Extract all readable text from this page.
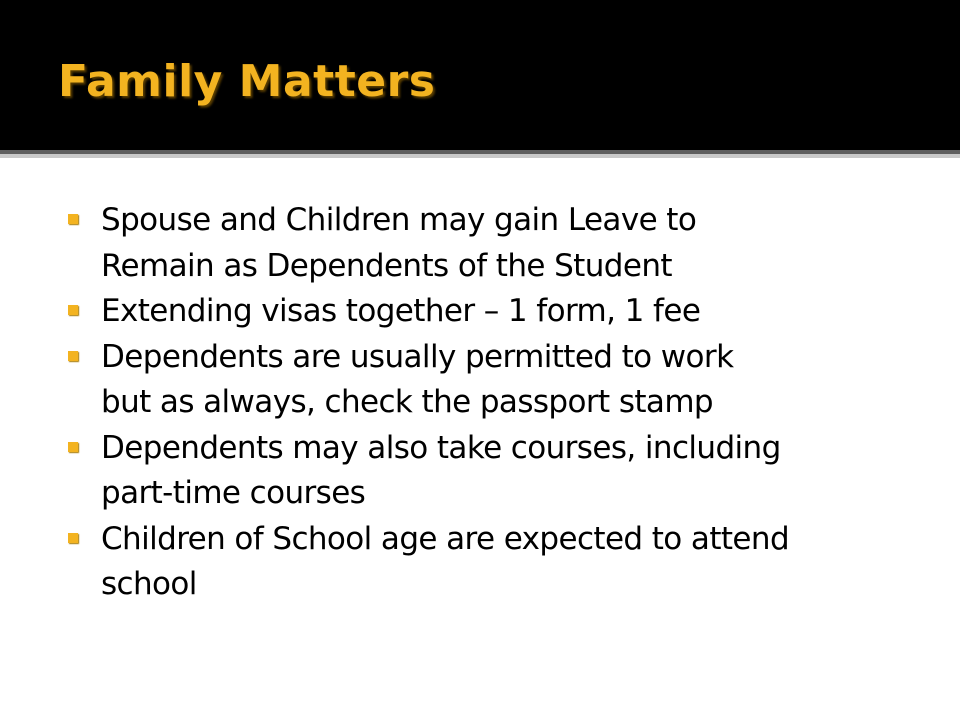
Family Matters
Spouse and Children may gain Leave to
Remain as Dependents of the Student
Extending visas together – 1 form, 1 fee
Dependents are usually permitted to work
but as always, check the passport stamp
Dependents may also take courses, including
part-time courses
Children of School age are expected to attend
school
